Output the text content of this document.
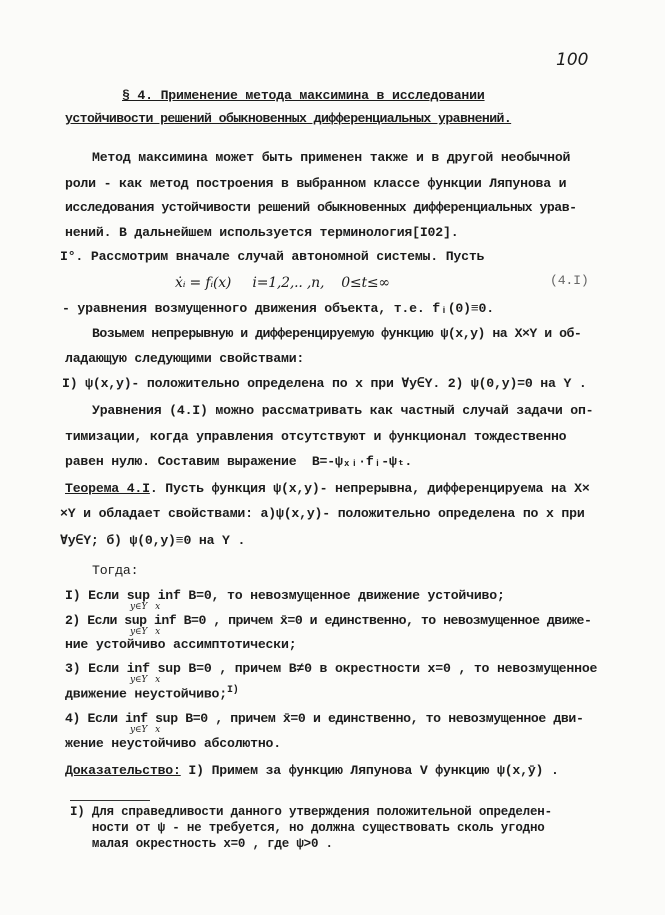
100
§ 4. Применение метода максимина в исследовании
устойчивости решений обыкновенных дифференциальных уравнений.
Метод максимина может быть применен также и в другой необычной
роли - как метод построения в выбранном классе функции Ляпунова и
исследования устойчивости решений обыкновенных дифференциальных урав-
нений. В дальнейшем используется терминология[I02].
I°. Рассмотрим вначале случай автономной системы. Пусть
ẋᵢ = fᵢ(x)     i=1,2,.. ,n,    0≤t≤∞	(4.I)
- уравнения возмущенного движения объекта, т.е. fᵢ(0)≡0.
Возьмем непрерывную и дифференцируемую функцию ψ(x,y) на X×Y и об-
ладающую следующими свойствами:
I) ψ(x,y)- положительно определена по x при ∀y∈Y. 2) ψ(0,y)=0 на Y .
Уравнения (4.I) можно рассматривать как частный случай задачи оп-
тимизации, когда управления отсутствуют и функционал тождественно
равен нулю. Составим выражение  B=-ψₓᵢ·fᵢ-ψₜ.
Теорема 4.I. Пусть функция ψ(x,y)- непрерывна, дифференцируема на X×
×Y и обладает свойствами: а)ψ(x,y)- положительно определена по x при
∀y∈Y; б) ψ(0,y)≡0 на Y .
Тогда:
I) Если sup inf B=0, то невозмущенное движение устойчиво;
y∈Y   x
2) Если sup inf B=0 , причем x̄=0 и единственно, то невозмущенное движе-
y∈Y   x
ние устойчиво ассимптотически;
3) Если inf sup B=0 , причем B≠0 в окрестности x=0 , то невозмущенное
y∈Y   x
движение неустойчиво;$^{I)}$
4) Если inf sup B=0 , причем x̄=0 и единственно, то невозмущенное дви-
y∈Y   x
жение неустойчиво абсолютно.
Доказательство: I) Примем за функцию Ляпунова V функцию ψ(x,ȳ) .
I) Для справедливости данного утверждения положительной определен-
ности от ψ - не требуется, но должна существовать сколь угодно
малая окрестность x=0 , где ψ>0 .
